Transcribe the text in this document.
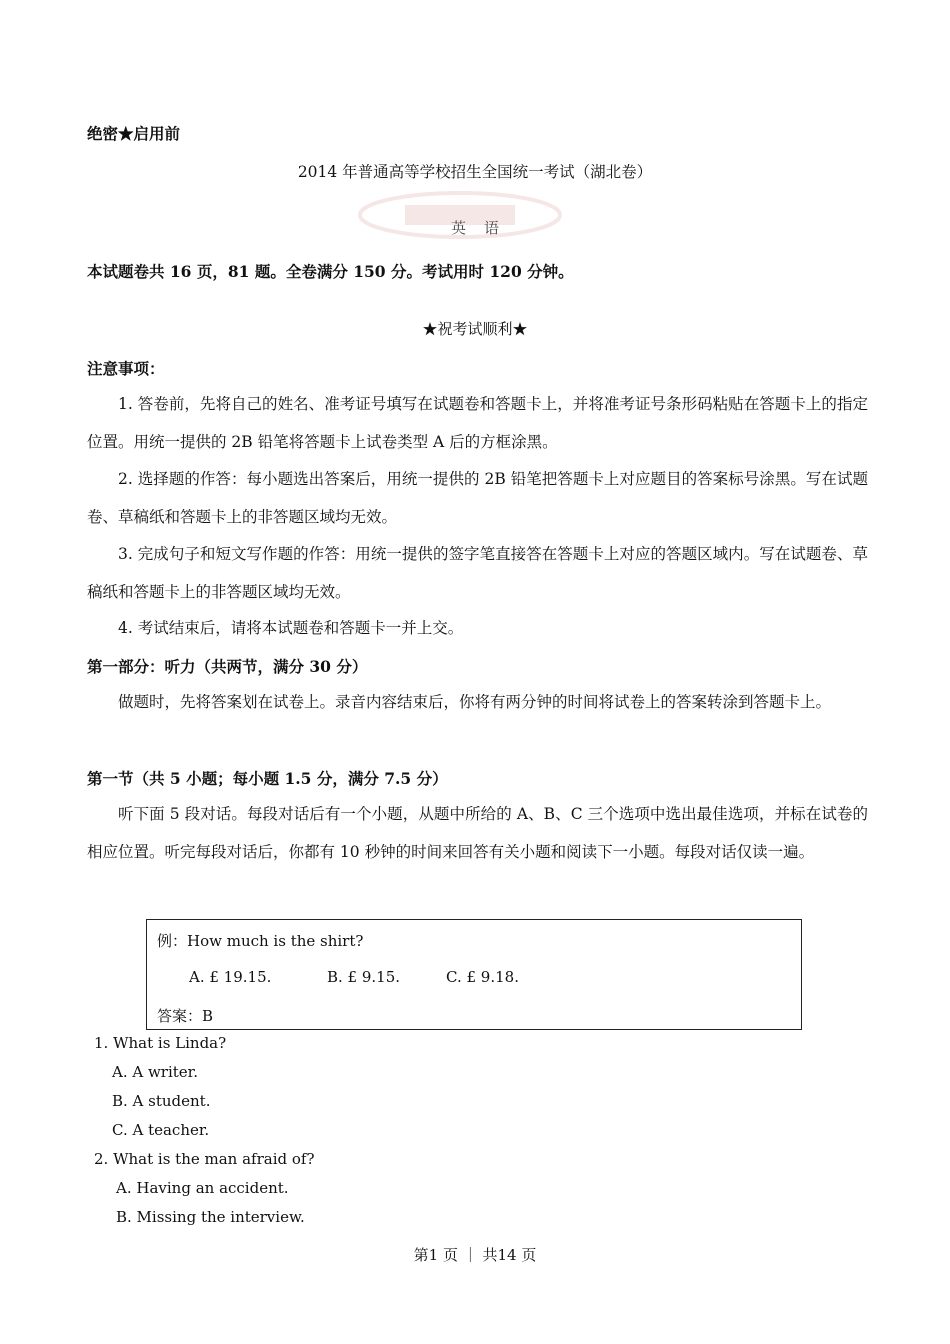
绝密★启用前
2014 年普通高等学校招生全国统一考试（湖北卷）
英语
本试题卷共 16 页，81 题。全卷满分 150 分。考试用时 120 分钟。
★祝考试顺利★
注意事项：

1. 答卷前，先将自己的姓名、准考证号填写在试题卷和答题卡上，并将准考证号条形码粘贴在答题卡上的指定位置。用统一提供的 2B 铅笔将答题卡上试卷类型 A 后的方框涂黑。

2. 选择题的作答：每小题选出答案后，用统一提供的 2B 铅笔把答题卡上对应题目的答案标号涂黑。写在试题卷、草稿纸和答题卡上的非答题区域均无效。

3. 完成句子和短文写作题的作答：用统一提供的签字笔直接答在答题卡上对应的答题区域内。写在试题卷、草稿纸和答题卡上的非答题区域均无效。

4. 考试结束后，请将本试题卷和答题卡一并上交。

第一部分：听力（共两节，满分 30 分）

做题时，先将答案划在试卷上。录音内容结束后，你将有两分钟的时间将试卷上的答案转涂到答题卡上。

第一节（共 5 小题；每小题 1.5 分，满分 7.5 分）

听下面 5 段对话。每段对话后有一个小题，从题中所给的 A、B、C 三个选项中选出最佳选项，并标在试卷的相应位置。听完每段对话后，你都有 10 秒钟的时间来回答有关小题和阅读下一小题。每段对话仅读一遍。

例：How much is the shirt?
A. £ 19.15.	B. £ 9.15.	C. £ 9.18.
答案：B
1. What is Linda?
A. A writer.
B. A student.
C. A teacher.
2. What is the man afraid of?
A. Having an accident.
B. Missing the interview.
第1 页 ｜ 共14 页
